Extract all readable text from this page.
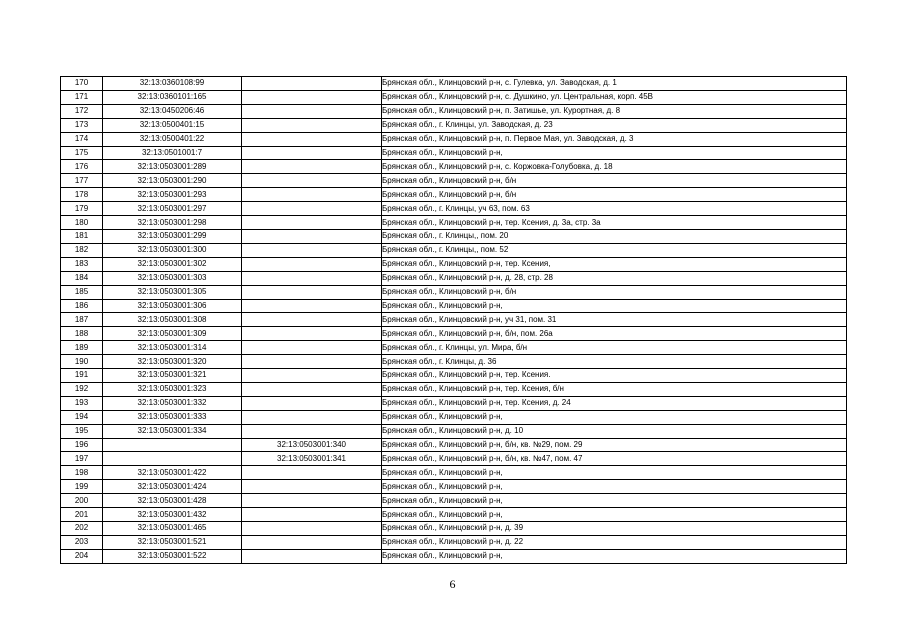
170	32:13:0360108:99		Брянская обл., Клинцовский р-н, с. Гулевка, ул. Заводская, д. 1
171	32:13:0360101:165		Брянская обл., Клинцовский р-н, с. Душкино, ул. Центральная, корп. 45В
172	32:13:0450206:46		Брянская обл., Клинцовский р-н, п. Затишье, ул. Курортная, д. 8
173	32:13:0500401:15		Брянская обл., г. Клинцы, ул. Заводская, д. 23
174	32:13:0500401:22		Брянская обл., Клинцовский р-н, п. Первое Мая, ул. Заводская, д. 3
175	32:13:0501001:7		Брянская обл., Клинцовский р-н,
176	32:13:0503001:289		Брянская обл., Клинцовский р-н, с. Коржовка-Голубовка, д. 18
177	32:13:0503001:290		Брянская обл., Клинцовский р-н, б/н
178	32:13:0503001:293		Брянская обл., Клинцовский р-н, б/н
179	32:13:0503001:297		Брянская обл., г. Клинцы, уч 63, пом. 63
180	32:13:0503001:298		Брянская обл., Клинцовский р-н, тер. Ксения, д. 3а, стр. 3а
181	32:13:0503001:299		Брянская обл., г. Клинцы,, пом. 20
182	32:13:0503001:300		Брянская обл., г. Клинцы,, пом. 52
183	32:13:0503001:302		Брянская обл., Клинцовский р-н, тер. Ксения,
184	32:13:0503001:303		Брянская обл., Клинцовский р-н, д. 28, стр. 28
185	32:13:0503001:305		Брянская обл., Клинцовский р-н, б/н
186	32:13:0503001:306		Брянская обл., Клинцовский р-н,
187	32:13:0503001:308		Брянская обл., Клинцовский р-н, уч 31, пом. 31
188	32:13:0503001:309		Брянская обл., Клинцовский р-н, б/н, пом. 26а
189	32:13:0503001:314		Брянская обл., г. Клинцы, ул. Мира, б/н
190	32:13:0503001:320		Брянская обл., г. Клинцы, д. 36
191	32:13:0503001:321		Брянская обл., Клинцовский р-н, тер. Ксения.
192	32:13:0503001:323		Брянская обл., Клинцовский р-н, тер. Ксения, б/н
193	32:13:0503001:332		Брянская обл., Клинцовский р-н, тер. Ксения, д. 24
194	32:13:0503001:333		Брянская обл., Клинцовский р-н,
195	32:13:0503001:334		Брянская обл., Клинцовский р-н, д. 10
196		32:13:0503001:340	Брянская обл., Клинцовский р-н, б/н, кв. №29, пом. 29
197		32:13:0503001:341	Брянская обл., Клинцовский р-н, б/н, кв. №47, пом. 47
198	32:13:0503001:422		Брянская обл., Клинцовский р-н,
199	32:13:0503001:424		Брянская обл., Клинцовский р-н,
200	32:13:0503001:428		Брянская обл., Клинцовский р-н,
201	32:13:0503001:432		Брянская обл., Клинцовский р-н,
202	32:13:0503001:465		Брянская обл., Клинцовский р-н, д. 39
203	32:13:0503001:521		Брянская обл., Клинцовский р-н, д. 22
204	32:13:0503001:522		Брянская обл., Клинцовский р-н,
6
